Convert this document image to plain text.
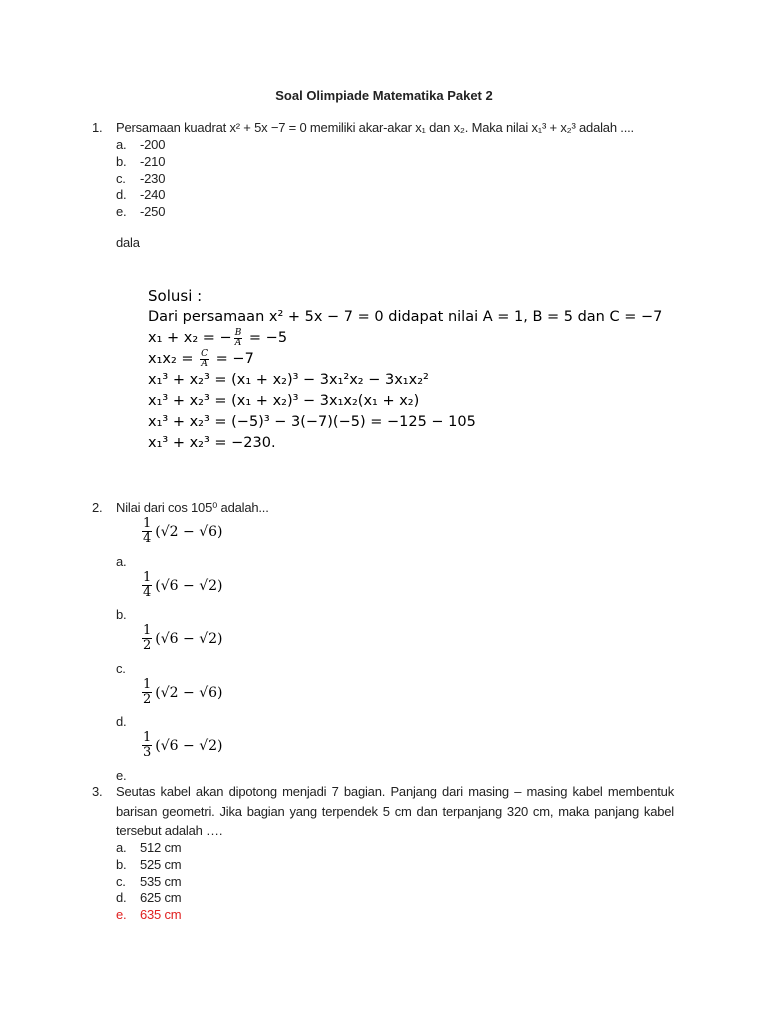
Soal Olimpiade Matematika Paket 2
1. Persamaan kuadrat x² + 5x −7 = 0 memiliki akar-akar x₁ dan x₂. Maka nilai x₁³ + x₂³ adalah ....
a. -200
b. -210
c. -230
d. -240
e. -250
dala
Solusi :
Dari persamaan x² + 5x − 7 = 0 didapat nilai A = 1, B = 5 dan C = −7
x₁ + x₂ = − $\frac{B}{A} = -5$
$x_1x_2 = \frac{C}{A} = -7$
x₁³ + x₂³ = (x₁ + x₂)³ − 3x₁²x₂ − 3x₁x₂²
x₁³ + x₂³ = (x₁ + x₂)³ − 3x₁x₂(x₁ + x₂)
x₁³ + x₂³ = (−5)³ − 3(−7)(−5) = −125 − 105
x₁³ + x₂³ = −230.
2. Nilai dari cos 105⁰ adalah...
$\frac{1}{4} (√2 - √6)$
a.
$\frac{1}{4} (√6 - √2)$
b.
$\frac{1}{2} (√6 - √2)$
c.
$\frac{1}{2} (√2 - √6)$
d.
$\frac{1}{3} (√6 - √2)$
e.
3. Seutas kabel akan dipotong menjadi 7 bagian. Panjang dari masing – masing kabel membentuk
barisan geometri. Jika bagian yang terpendek 5 cm dan terpanjang 320 cm, maka panjang kabel
tersebut adalah ….
a. 512 cm
b. 525 cm
c. 535 cm
d. 625 cm
e. 635 cm
